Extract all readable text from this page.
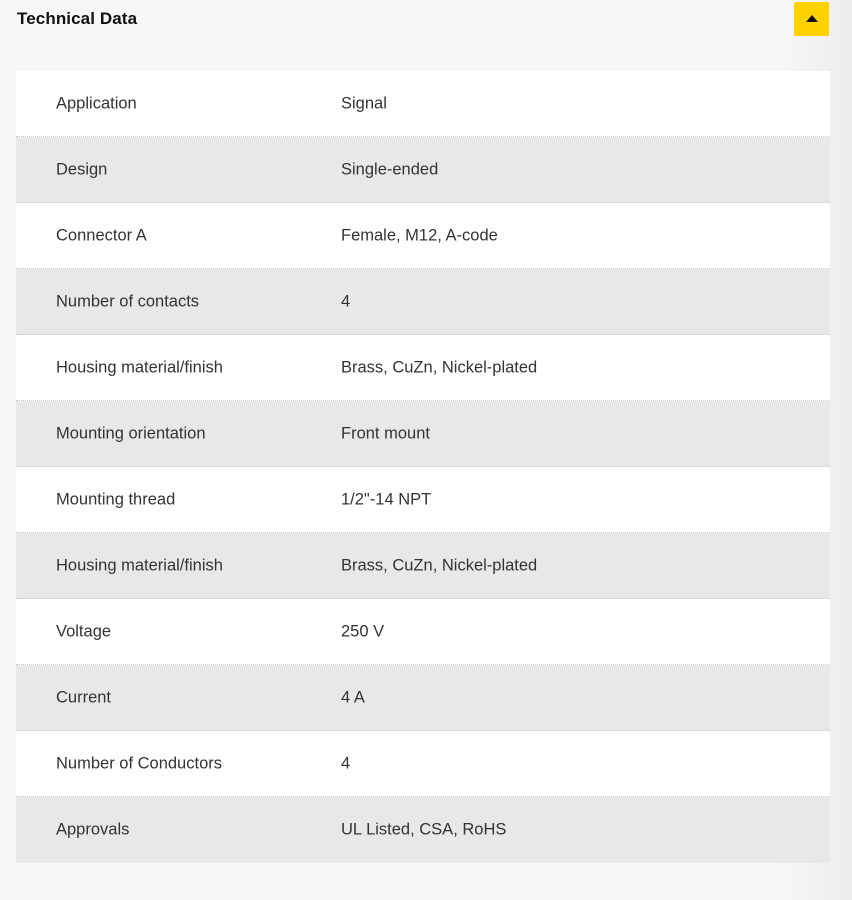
Technical Data
Application	Signal
Design	Single-ended
Connector A	Female, M12, A-code
Number of contacts	4
Housing material/finish	Brass, CuZn, Nickel-plated
Mounting orientation	Front mount
Mounting thread	1/2"-14 NPT
Housing material/finish	Brass, CuZn, Nickel-plated
Voltage	250 V
Current	4 A
Number of Conductors	4
Approvals	UL Listed, CSA, RoHS
